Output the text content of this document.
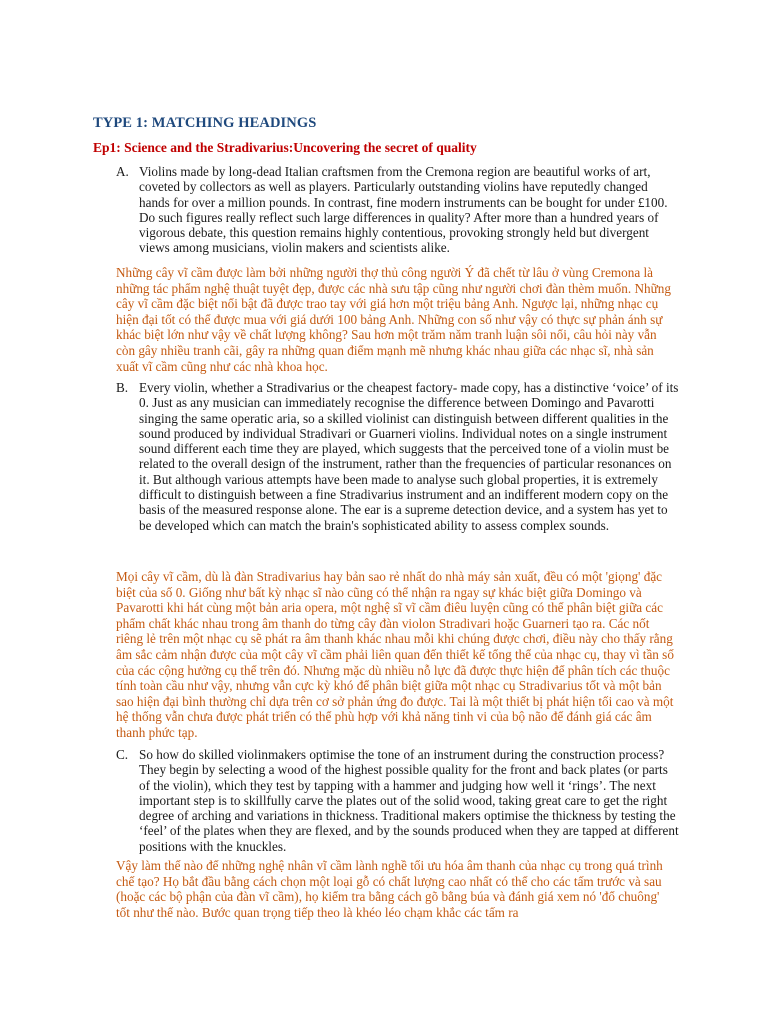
TYPE 1: MATCHING HEADINGS
Ep1: Science and the Stradivarius:Uncovering the secret of quality
A. Violins made by long-dead Italian craftsmen from the Cremona region are beautiful works of art, coveted by collectors as well as players. Particularly outstanding violins have reputedly changed hands for over a million pounds. In contrast, fine modern instruments can be bought for under £100. Do such figures really reflect such large differences in quality? After more than a hundred years of vigorous debate, this question remains highly contentious, provoking strongly held but divergent views among musicians, violin makers and scientists alike.
Những cây vĩ cầm được làm bởi những người thợ thủ công người Ý đã chết từ lâu ở vùng Cremona là những tác phẩm nghệ thuật tuyệt đẹp, được các nhà sưu tập cũng như người chơi đàn thèm muốn. Những cây vĩ cầm đặc biệt nổi bật đã được trao tay với giá hơn một triệu bảng Anh. Ngược lại, những nhạc cụ hiện đại tốt có thể được mua với giá dưới 100 bảng Anh. Những con số như vậy có thực sự phản ánh sự khác biệt lớn như vậy về chất lượng không? Sau hơn một trăm năm tranh luận sôi nổi, câu hỏi này vẫn còn gây nhiều tranh cãi, gây ra những quan điểm mạnh mẽ nhưng khác nhau giữa các nhạc sĩ, nhà sản xuất vĩ cầm cũng như các nhà khoa học.
B. Every violin, whether a Stradivarius or the cheapest factory- made copy, has a distinctive ‘voice’ of its 0. Just as any musician can immediately recognise the difference between Domingo and Pavarotti singing the same operatic aria, so a skilled violinist can distinguish between different qualities in the sound produced by individual Stradivari or Guarneri violins. Individual notes on a single instrument sound different each time they are played, which suggests that the perceived tone of a violin must be related to the overall design of the instrument, rather than the frequencies of particular resonances on it. But although various attempts have been made to analyse such global properties, it is extremely difficult to distinguish between a fine Stradivarius instrument and an indifferent modern copy on the basis of the measured response alone. The ear is a supreme detection device, and a system has yet to be developed which can match the brain's sophisticated ability to assess complex sounds.
Mọi cây vĩ cầm, dù là đàn Stradivarius hay bản sao rẻ nhất do nhà máy sản xuất, đều có một 'giọng' đặc biệt của số 0. Giống như bất kỳ nhạc sĩ nào cũng có thể nhận ra ngay sự khác biệt giữa Domingo và Pavarotti khi hát cùng một bản aria opera, một nghệ sĩ vĩ cầm điêu luyện cũng có thể phân biệt giữa các phẩm chất khác nhau trong âm thanh do từng cây đàn violon Stradivari hoặc Guarneri tạo ra. Các nốt riêng lẻ trên một nhạc cụ sẽ phát ra âm thanh khác nhau mỗi khi chúng được chơi, điều này cho thấy rằng âm sắc cảm nhận được của một cây vĩ cầm phải liên quan đến thiết kế tổng thể của nhạc cụ, thay vì tần số của các cộng hưởng cụ thể trên đó. Nhưng mặc dù nhiều nỗ lực đã được thực hiện để phân tích các thuộc tính toàn cầu như vậy, nhưng vẫn cực kỳ khó để phân biệt giữa một nhạc cụ Stradivarius tốt và một bản sao hiện đại bình thường chỉ dựa trên cơ sở phản ứng đo được. Tai là một thiết bị phát hiện tối cao và một hệ thống vẫn chưa được phát triển có thể phù hợp với khả năng tinh vi của bộ não để đánh giá các âm thanh phức tạp.
C. So how do skilled violinmakers optimise the tone of an instrument during the construction process? They begin by selecting a wood of the highest possible quality for the front and back plates (or parts of the violin), which they test by tapping with a hammer and judging how well it ‘rings’. The next important step is to skillfully carve the plates out of the solid wood, taking great care to get the right degree of arching and variations in thickness. Traditional makers optimise the thickness by testing the ‘feel’ of the plates when they are flexed, and by the sounds produced when they are tapped at different positions with the knuckles.
Vậy làm thế nào để những nghệ nhân vĩ cầm lành nghề tối ưu hóa âm thanh của nhạc cụ trong quá trình chế tạo? Họ bắt đầu bằng cách chọn một loại gỗ có chất lượng cao nhất có thể cho các tấm trước và sau (hoặc các bộ phận của đàn vĩ cầm), họ kiểm tra bằng cách gõ bằng búa và đánh giá xem nó 'đổ chuông' tốt như thế nào. Bước quan trọng tiếp theo là khéo léo chạm khắc các tấm ra
